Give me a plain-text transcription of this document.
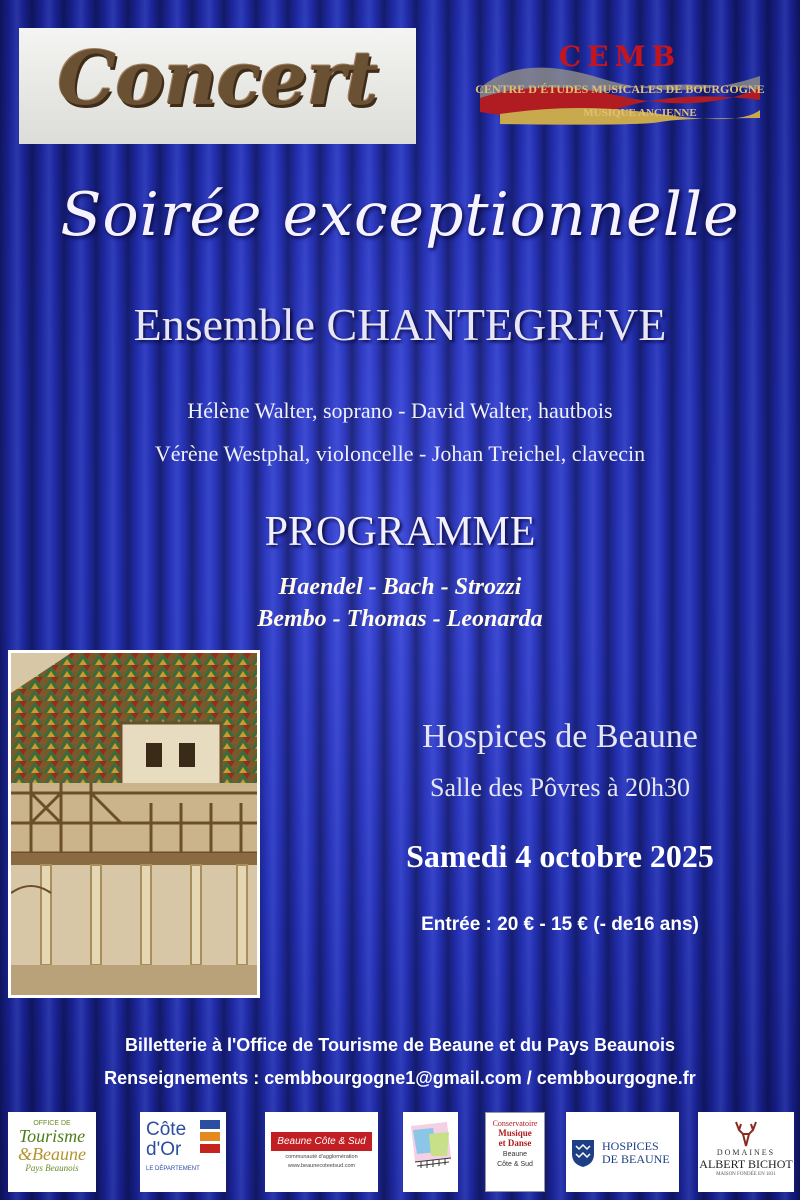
Concert	CEMB
CENTRE D'ÉTUDES MUSICALES DE BOURGOGNE
MUSIQUE ANCIENNE
Soirée exceptionnelle
Ensemble CHANTEGREVE
Hélène Walter, soprano - David Walter, hautbois
Vérène Westphal, violoncelle - Johan Treichel, clavecin
PROGRAMME
Haendel - Bach - Strozzi
Bembo - Thomas - Leonarda
Hospices de Beaune
Salle des Pôvres à 20h30
Samedi 4 octobre 2025
Entrée : 20 € - 15 € (- de16 ans)
Billetterie à l'Office de Tourisme de Beaune et du Pays Beaunois
Renseignements : cembbourgogne1@gmail.com / cembbourgogne.fr
OFFICE DE
Tourisme
&Beaune
Pays Beaunois
Côte
d'Or
LE DÉPARTEMENT
Beaune Côte & Sud
communauté d'agglomération
www.beaunecoteetsud.com
Conservatoire
Musique
et Danse
Beaune
Côte & Sud
HOSPICES
DE BEAUNE	DOMAINES
ALBERT BICHOT
MAISON FONDÉE EN 1831
